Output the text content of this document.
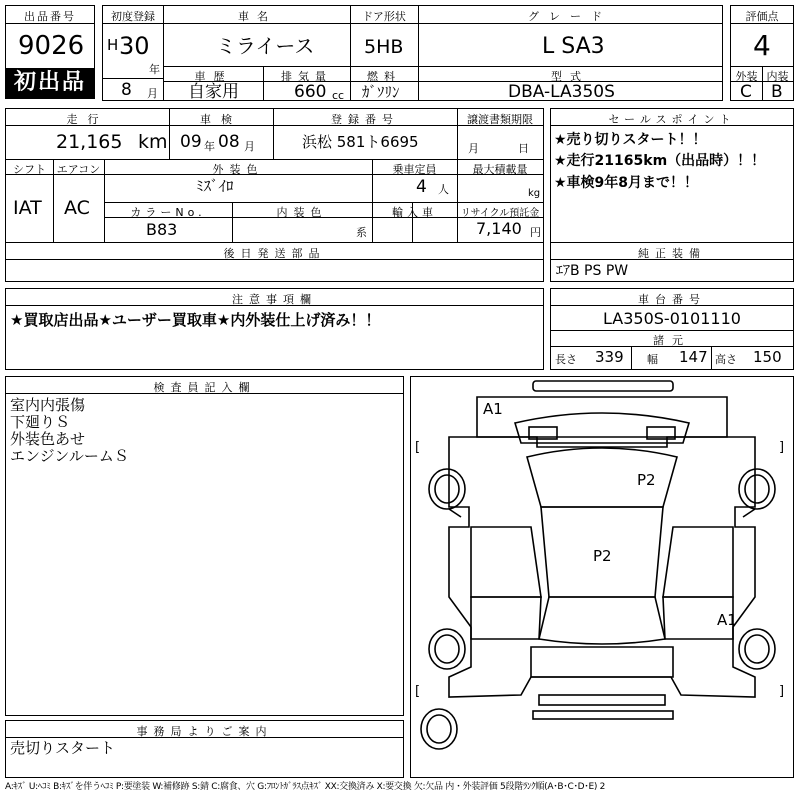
出品番号
9026
初出品
初度登録
H 30
年
8 月
車名	ドア形状	グレード
ミライース	5HB	L SA3
車歴	排気量	燃料	型式
自家用	660 cc ｶﾞｿﾘﾝ	DBA-LA350S
評価点
4
外装 内装
C B
走行	車検	登録番号	譲渡書類期限
21,165 km 09 年 08 月	浜松 581ト6695	月	日
シフト エアコン	外装色	乗車定員	最大積載量
IAT AC
ﾐｽﾞｲﾛ	4 人	kg
カラーNo.	内装色	輸入車	リサイクル預託金
B83	系	7,140 円
後日発送部品
セールスポイント
★売り切りスタート！！
★走行21165km（出品時）！！
★車検9年8月まで！！
純正装備
ｴｱB PS PW
注意事項欄
★買取店出品★ユーザー買取車★内外装仕上げ済み！！
車台番号
LA350S-0101110
諸元
長さ 339 幅 147 高さ 150
検査員記入欄
室内内張傷
下廻りＳ
外装色あせ
エンジンルームＳ
事務局よりご案内
売切りスタート
[	]
[	]
A1
P2
P2
A1
A:ｷｽﾞ U:ﾍｺﾐ B:ｷｽﾞを伴うﾍｺﾐ P:要塗装 W:補修跡 S:錆 C:腐食、穴 G:ﾌﾛﾝﾄｶﾞﾗｽ点ｷｽﾞ XX:交換済み X:要交換 欠:欠品 内・外装評価 5段階ﾗﾝｸ順(A･B･C･D･E) 2
